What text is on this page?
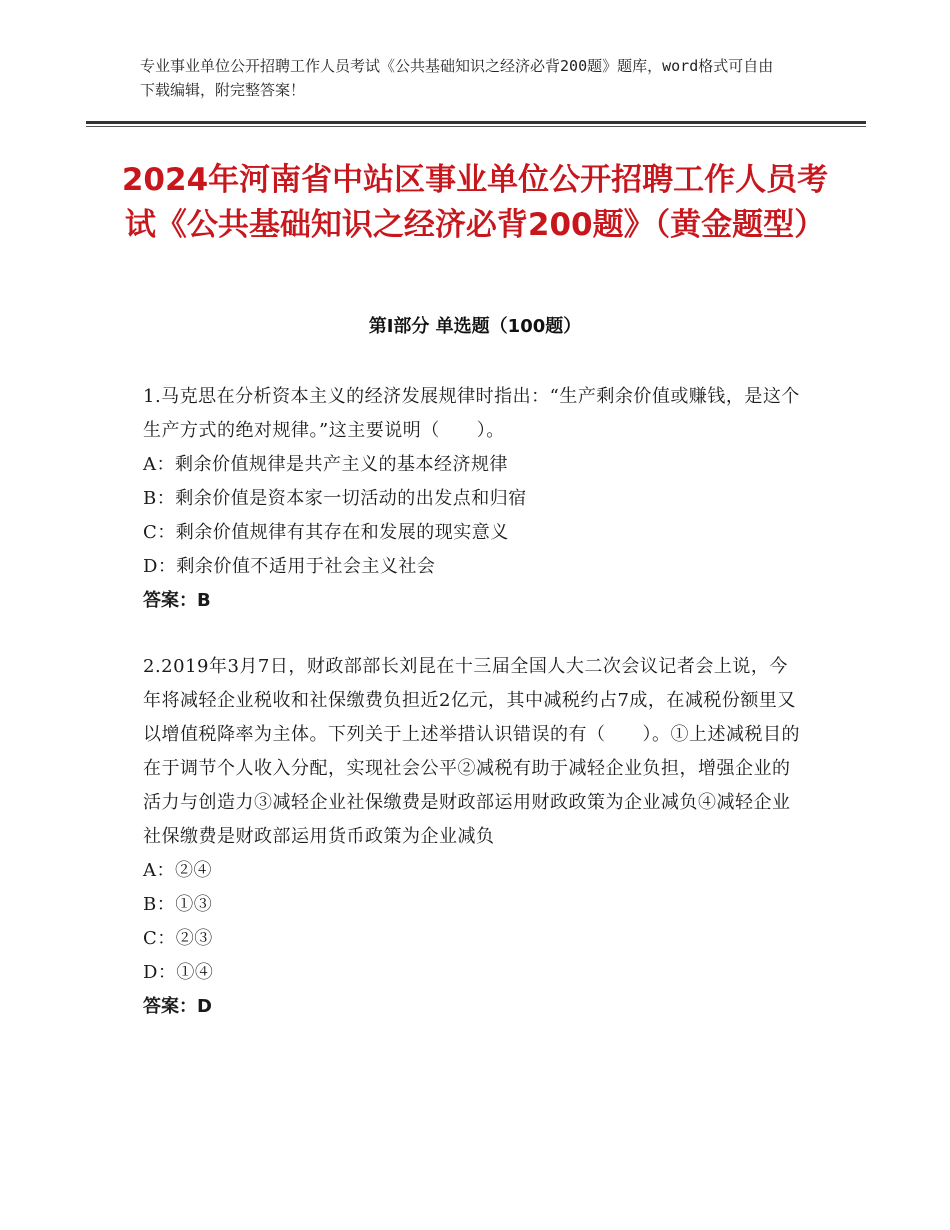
专业事业单位公开招聘工作人员考试《公共基础知识之经济必背200题》题库，word格式可自由下载编辑，附完整答案！
2024年河南省中站区事业单位公开招聘工作人员考试《公共基础知识之经济必背200题》（黄金题型）
第Ⅰ部分 单选题（100题）

1.马克思在分析资本主义的经济发展规律时指出：“生产剩余价值或赚钱，是这个生产方式的绝对规律。”这主要说明（　　）。

A：剩余价值规律是共产主义的基本经济规律

B：剩余价值是资本家一切活动的出发点和归宿

C：剩余价值规律有其存在和发展的现实意义

D：剩余价值不适用于社会主义社会

答案：B

2.2019年3月7日，财政部部长刘昆在十三届全国人大二次会议记者会上说，今年将减轻企业税收和社保缴费负担近2亿元，其中减税约占7成，在减税份额里又以增值税降率为主体。下列关于上述举措认识错误的有（　　）。①上述减税目的在于调节个人收入分配，实现社会公平②减税有助于减轻企业负担，增强企业的活力与创造力③减轻企业社保缴费是财政部运用财政政策为企业减负④减轻企业社保缴费是财政部运用货币政策为企业减负

A：②④

B：①③

C：②③

D：①④

答案：D
